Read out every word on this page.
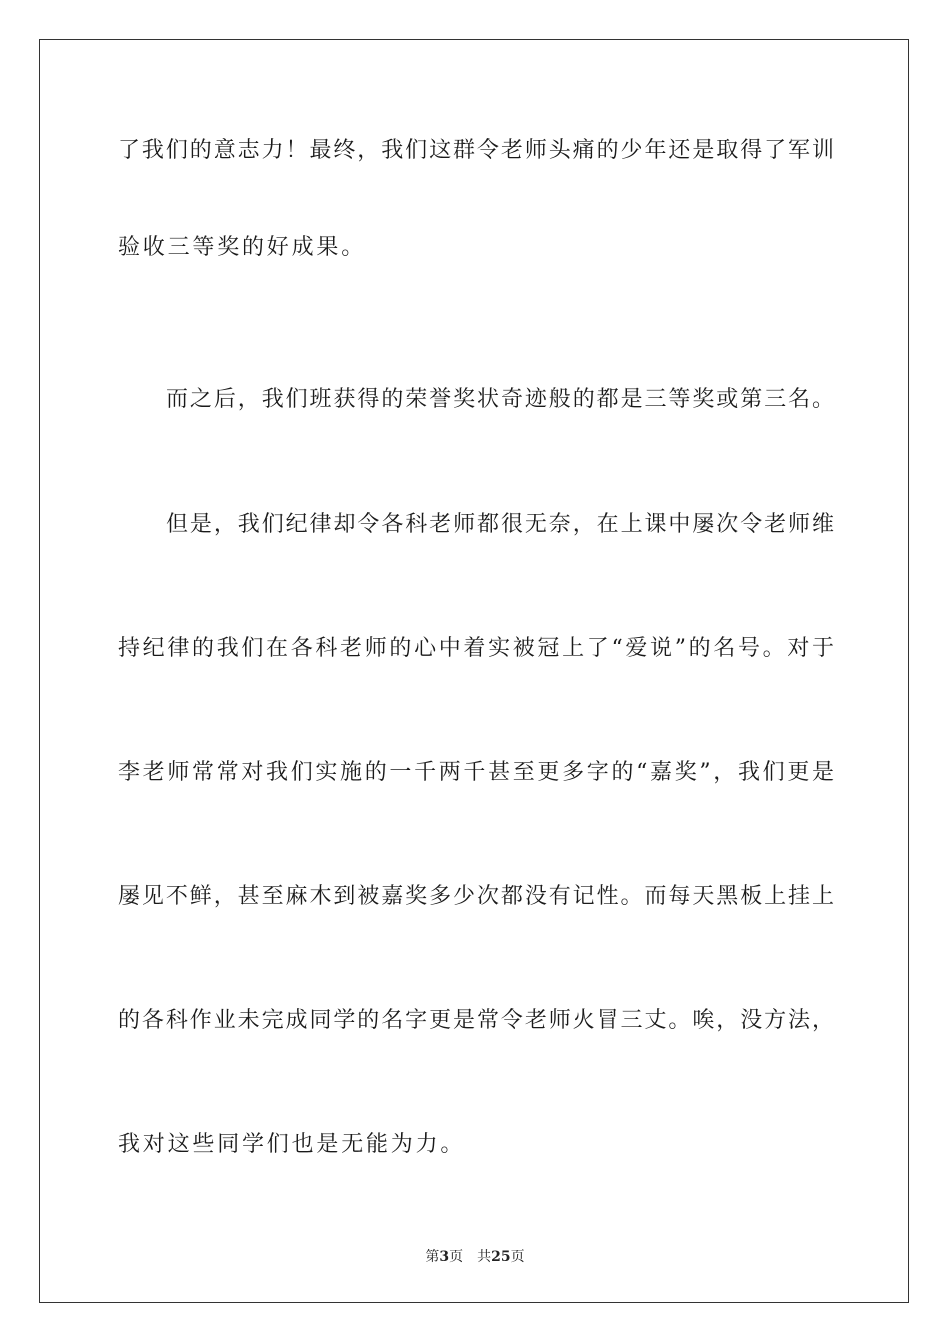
了我们的意志力！最终，我们这群令老师头痛的少年还是取得了军训
验收三等奖的好成果。
而之后，我们班获得的荣誉奖状奇迹般的都是三等奖或第三名。
但是，我们纪律却令各科老师都很无奈，在上课中屡次令老师维
持纪律的我们在各科老师的心中着实被冠上了“爱说”的名号。对于
李老师常常对我们实施的一千两千甚至更多字的“嘉奖”，我们更是
屡见不鲜，甚至麻木到被嘉奖多少次都没有记性。而每天黑板上挂上
的各科作业未完成同学的名字更是常令老师火冒三丈。唉，没方法，
我对这些同学们也是无能为力。
第3页 共25页
